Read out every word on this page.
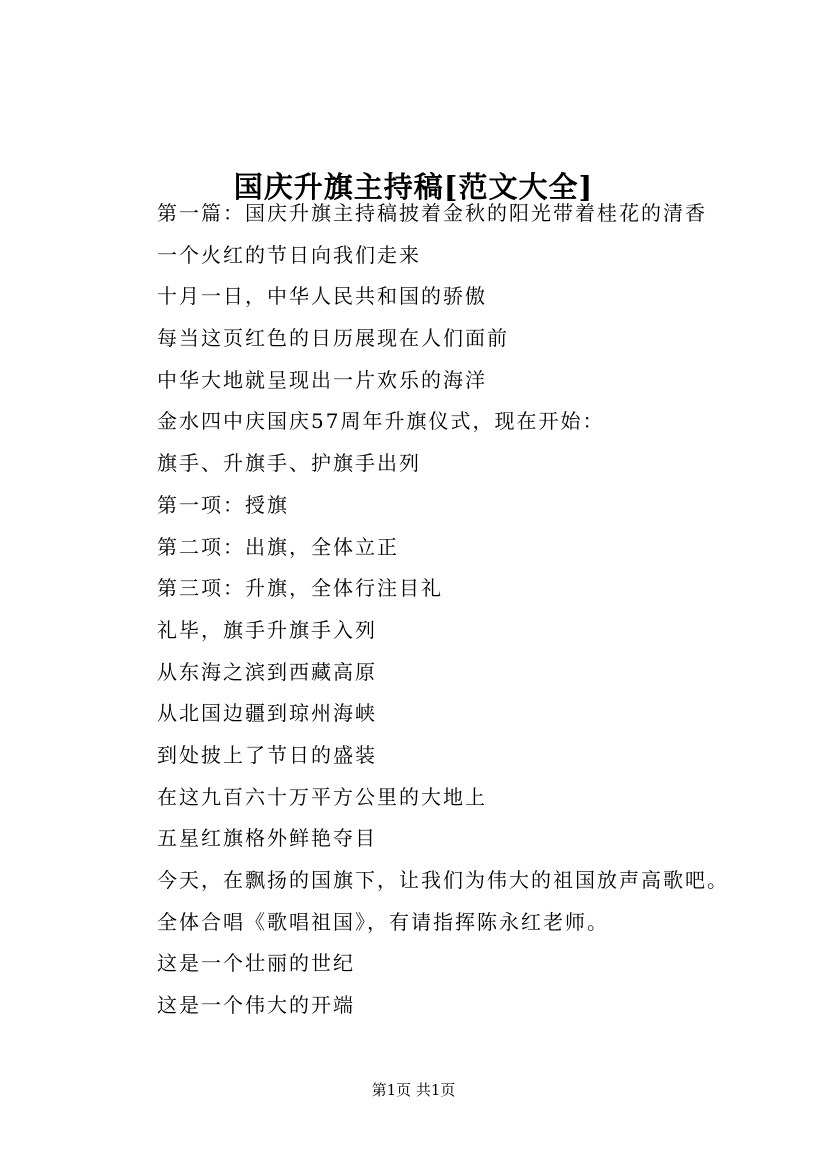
国庆升旗主持稿[范文大全]
第一篇：国庆升旗主持稿披着金秋的阳光带着桂花的清香
一个火红的节日向我们走来
十月一日，中华人民共和国的骄傲
每当这页红色的日历展现在人们面前
中华大地就呈现出一片欢乐的海洋
金水四中庆国庆57周年升旗仪式，现在开始：
旗手、升旗手、护旗手出列
第一项：授旗
第二项：出旗，全体立正
第三项：升旗，全体行注目礼
礼毕，旗手升旗手入列
从东海之滨到西藏高原
从北国边疆到琼州海峡
到处披上了节日的盛装
在这九百六十万平方公里的大地上
五星红旗格外鲜艳夺目
今天，在飘扬的国旗下，让我们为伟大的祖国放声高歌吧。
全体合唱《歌唱祖国》，有请指挥陈永红老师。
这是一个壮丽的世纪
这是一个伟大的开端
第1页 共1页
